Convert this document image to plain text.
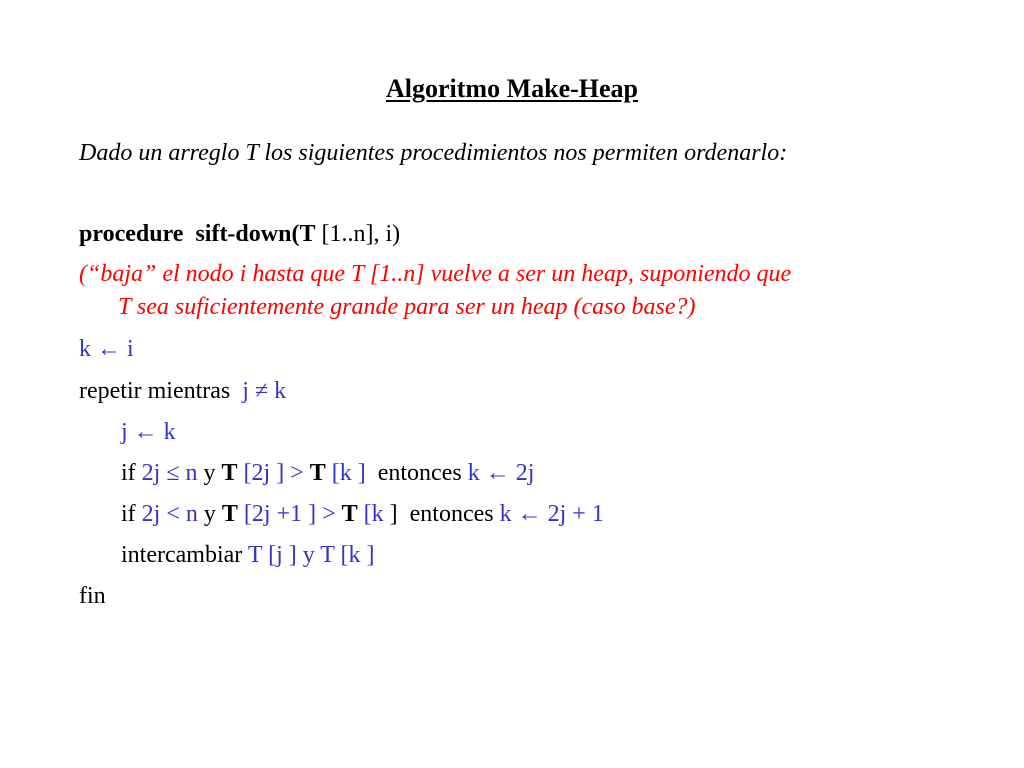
Algoritmo Make-Heap
Dado un arreglo T los siguientes procedimientos nos permiten ordenarlo:
procedure sift-down(T [1..n], i)
(“baja” el nodo i hasta que T [1..n] vuelve a ser un heap, suponiendo que
T sea suficientemente grande para ser un heap (caso base?)
k ← i
repetir mientras j ≠ k
j ← k
if 2j ≤ n y T [2j ] > T [k ] entonces k ← 2j
if 2j < n y T [2j +1 ] > T [k ] entonces k ← 2j + 1
intercambiar T [j ] y T [k ]
fin
